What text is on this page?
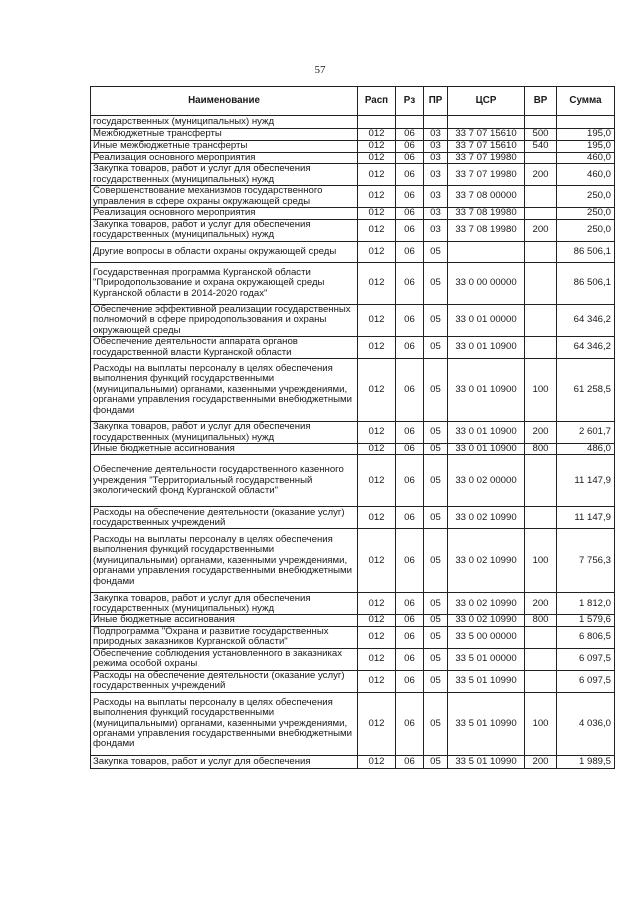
57
Наименование	Расп	Рз	ПР	ЦСР	ВР	Сумма
государственных (муниципальных) нужд						
Межбюджетные трансферты	012	06	03	33 7 07 15610	500	195,0
Иные межбюджетные трансферты	012	06	03	33 7 07 15610	540	195,0
Реализация основного мероприятия	012	06	03	33 7 07 19980		460,0
Закупка товаров, работ и услуг для обеспечения государственных (муниципальных) нужд	012	06	03	33 7 07 19980	200	460,0
Совершенствование механизмов государственного управления в сфере охраны окружающей среды	012	06	03	33 7 08 00000		250,0
Реализация основного мероприятия	012	06	03	33 7 08 19980		250,0
Закупка товаров, работ и услуг для обеспечения государственных (муниципальных) нужд	012	06	03	33 7 08 19980	200	250,0
Другие вопросы в области охраны окружающей среды	012	06	05			86 506,1
Государственная программа Курганской области "Природопользование и охрана окружающей среды Курганской области в 2014-2020 годах"	012	06	05	33 0 00 00000		86 506,1
Обеспечение эффективной реализации государственных полномочий в сфере природопользования и охраны окружающей среды	012	06	05	33 0 01 00000		64 346,2
Обеспечение деятельности аппарата органов государственной власти Курганской области	012	06	05	33 0 01 10900		64 346,2
Расходы на выплаты персоналу в целях обеспечения выполнения функций государственными (муниципальными) органами, казенными учреждениями, органами управления государственными внебюджетными фондами	012	06	05	33 0 01 10900	100	61 258,5
Закупка товаров, работ и услуг для обеспечения государственных (муниципальных) нужд	012	06	05	33 0 01 10900	200	2 601,7
Иные бюджетные ассигнования	012	06	05	33 0 01 10900	800	486,0
Обеспечение деятельности государственного казенного учреждения "Территориальный государственный экологический фонд Курганской области"	012	06	05	33 0 02 00000		11 147,9
Расходы на обеспечение деятельности (оказание услуг) государственных учреждений	012	06	05	33 0 02 10990		11 147,9
Расходы на выплаты персоналу в целях обеспечения выполнения функций государственными (муниципальными) органами, казенными учреждениями, органами управления государственными внебюджетными фондами	012	06	05	33 0 02 10990	100	7 756,3
Закупка товаров, работ и услуг для обеспечения государственных (муниципальных) нужд	012	06	05	33 0 02 10990	200	1 812,0
Иные бюджетные ассигнования	012	06	05	33 0 02 10990	800	1 579,6
Подпрограмма "Охрана и развитие государственных природных заказников Курганской области"	012	06	05	33 5 00 00000		6 806,5
Обеспечение соблюдения установленного в заказниках режима особой охраны	012	06	05	33 5 01 00000		6 097,5
Расходы на обеспечение деятельности (оказание услуг) государственных учреждений	012	06	05	33 5 01 10990		6 097,5
Расходы на выплаты персоналу в целях обеспечения выполнения функций государственными (муниципальными) органами, казенными учреждениями, органами управления государственными внебюджетными фондами	012	06	05	33 5 01 10990	100	4 036,0
Закупка товаров, работ и услуг для обеспечения	012	06	05	33 5 01 10990	200	1 989,5
